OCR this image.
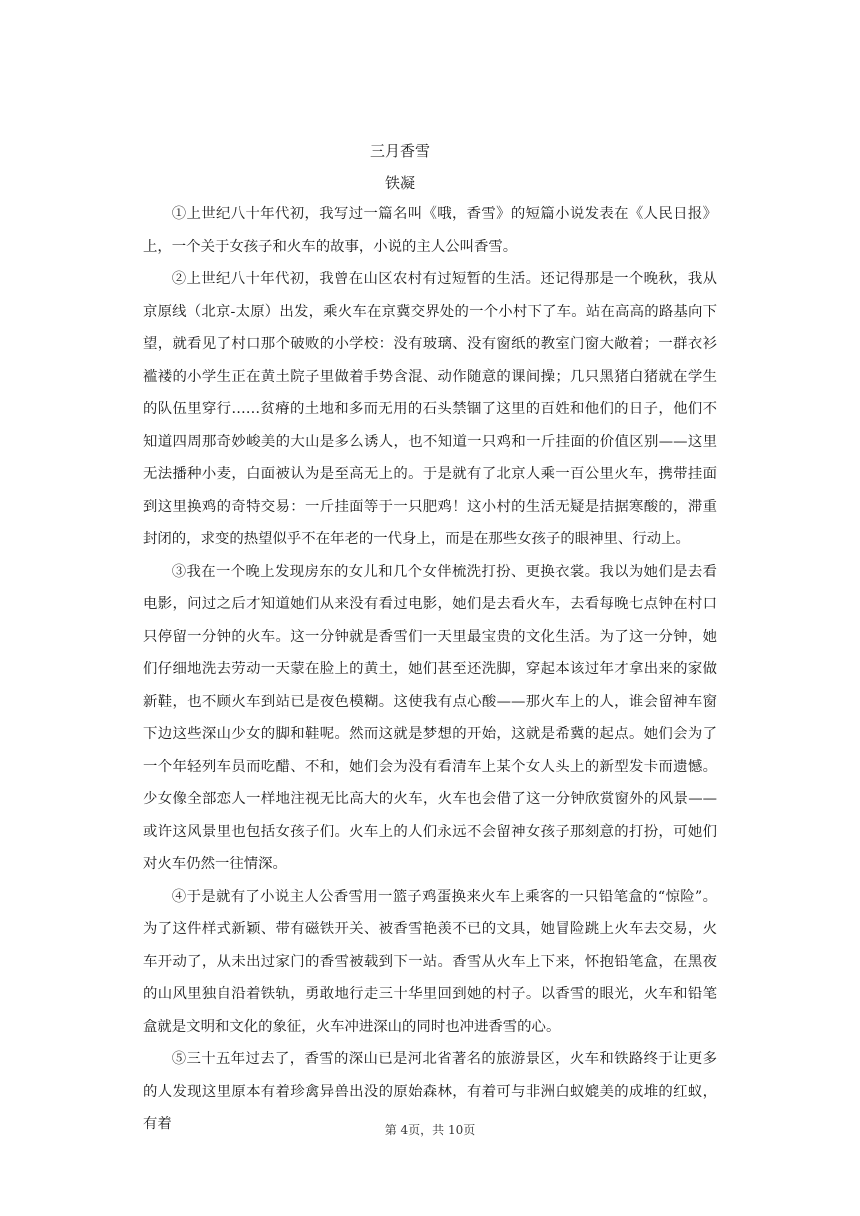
三月香雪
铁凝

①上世纪八十年代初，我写过一篇名叫《哦，香雪》的短篇小说发表在《人民日报》上，一个关于女孩子和火车的故事，小说的主人公叫香雪。

②上世纪八十年代初，我曾在山区农村有过短暂的生活。还记得那是一个晚秋，我从京原线（北京-太原）出发，乘火车在京冀交界处的一个小村下了车。站在高高的路基向下望，就看见了村口那个破败的小学校：没有玻璃、没有窗纸的教室门窗大敞着；一群衣衫褴褛的小学生正在黄土院子里做着手势含混、动作随意的课间操；几只黑猪白猪就在学生的队伍里穿行……贫瘠的土地和多而无用的石头禁锢了这里的百姓和他们的日子，他们不知道四周那奇妙峻美的大山是多么诱人，也不知道一只鸡和一斤挂面的价值区别——这里无法播种小麦，白面被认为是至高无上的。于是就有了北京人乘一百公里火车，携带挂面到这里换鸡的奇特交易：一斤挂面等于一只肥鸡！这小村的生活无疑是拮据寒酸的，滞重封闭的，求变的热望似乎不在年老的一代身上，而是在那些女孩子的眼神里、行动上。

③我在一个晚上发现房东的女儿和几个女伴梳洗打扮、更换衣裳。我以为她们是去看电影，问过之后才知道她们从来没有看过电影，她们是去看火车，去看每晚七点钟在村口只停留一分钟的火车。这一分钟就是香雪们一天里最宝贵的文化生活。为了这一分钟，她们仔细地洗去劳动一天蒙在脸上的黄土，她们甚至还洗脚，穿起本该过年才拿出来的家做新鞋，也不顾火车到站已是夜色模糊。这使我有点心酸——那火车上的人，谁会留神车窗下边这些深山少女的脚和鞋呢。然而这就是梦想的开始，这就是希冀的起点。她们会为了一个年轻列车员而吃醋、不和，她们会为没有看清车上某个女人头上的新型发卡而遗憾。少女像全部恋人一样地注视无比高大的火车，火车也会借了这一分钟欣赏窗外的风景——或许这风景里也包括女孩子们。火车上的人们永远不会留神女孩子那刻意的打扮，可她们对火车仍然一往情深。

④于是就有了小说主人公香雪用一篮子鸡蛋换来火车上乘客的一只铅笔盒的“惊险”。为了这件样式新颖、带有磁铁开关、被香雪艳羡不已的文具，她冒险跳上火车去交易，火车开动了，从未出过家门的香雪被载到下一站。香雪从火车上下来，怀抱铅笔盒，在黑夜的山风里独自沿着铁轨，勇敢地行走三十华里回到她的村子。以香雪的眼光，火车和铅笔盒就是文明和文化的象征，火车冲进深山的同时也冲进香雪的心。

⑤三十五年过去了，香雪的深山已是河北省著名的旅游景区，火车和铁路终于让更多的人发现这里原本有着珍禽异兽出没的原始森林，有着可与非洲白蚁媲美的成堆的红蚁，有着	第 4页，共 10页
